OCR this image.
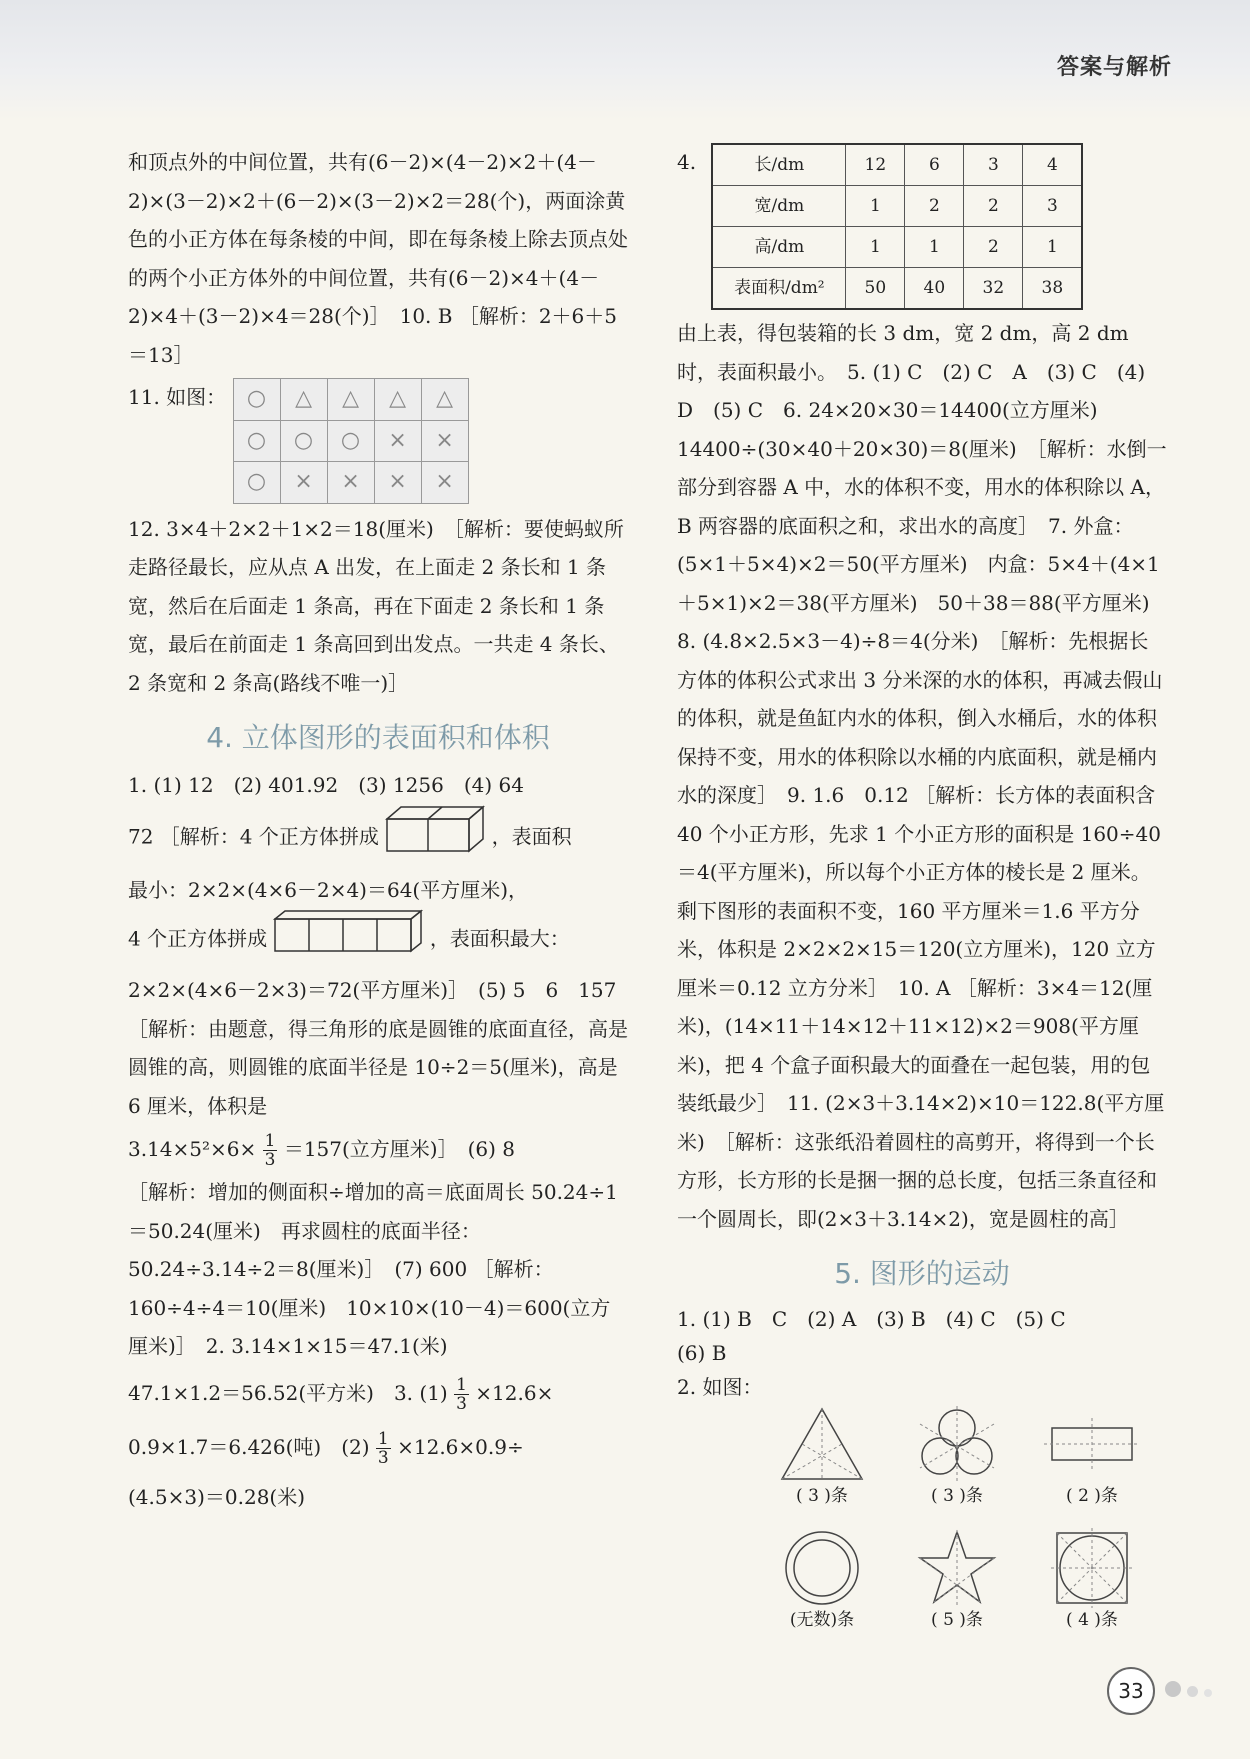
答案与解析

和顶点外的中间位置，共有(6－2)×(4－2)×2＋(4－2)×(3－2)×2＋(6－2)×(3－2)×2＝28(个)，两面涂黄色的小正方体在每条棱的中间，即在每条棱上除去顶点处的两个小正方体外的中间位置，共有(6－2)×4＋(4－2)×4＋(3－2)×4＝28(个)］　10. B ［解析：2＋6＋5＝13］

11. 如图： ○	△	△	△	△
○	○	○	×	×
○	×	×	×	×

12. 3×4＋2×2＋1×2＝18(厘米)　［解析：要使蚂蚁所走路径最长，应从点 A 出发，在上面走 2 条长和 1 条宽，然后在后面走 1 条高，再在下面走 2 条长和 1 条宽，最后在前面走 1 条高回到出发点。一共走 4 条长、2 条宽和 2 条高(路线不唯一)］

4. 立体图形的表面积和体积

1. (1) 12　(2) 401.92　(3) 1256　(4) 64

72 ［解析：4 个正方体拼成	，表面积

最小：2×2×(4×6－2×4)＝64(平方厘米)，

4 个正方体拼成	，表面积最大：

2×2×(4×6－2×3)＝72(平方厘米)］　(5) 5　6　157　［解析：由题意，得三角形的底是圆锥的底面直径，高是圆锥的高，则圆锥的底面半径是 10÷2＝5(厘米)，高是 6 厘米，体积是

$3.14\times 5^2\times 6\times \frac{1}{3} =157$(立方厘米)］　(6) 8

［解析：增加的侧面积÷增加的高＝底面周长 50.24÷1＝50.24(厘米)　再求圆柱的底面半径：50.24÷3.14÷2＝8(厘米)］　(7) 600 ［解析：160÷4÷4＝10(厘米)　10×10×(10－4)＝600(立方厘米)］　2. 3.14×1×15＝47.1(米)

47.1×1.2＝56.52(平方米)　3. $(1) \frac{1}{3} \times 12.6\times$

0.9×1.7＝6.426(吨)　$(2) \frac{1}{3} \times 12.6\times 0.9\div$

(4.5×3)＝0.28(米)

4.	长/dm	12	6	3	4
宽/dm	1	2	2	3
高/dm	1	1	2	1
表面积/dm²	50	40	32	38

由上表，得包装箱的长 3 dm，宽 2 dm，高 2 dm 时，表面积最小。　5. (1) C　(2) C　A　(3) C　(4) D　(5) C　6. 24×20×30＝14400(立方厘米)　14400÷(30×40＋20×30)＝8(厘米)　［解析：水倒一部分到容器 A 中，水的体积不变，用水的体积除以 A，B 两容器的底面积之和，求出水的高度］　7. 外盒：(5×1＋5×4)×2＝50(平方厘米)　内盒：5×4＋(4×1＋5×1)×2＝38(平方厘米)　50＋38＝88(平方厘米)　8. (4.8×2.5×3－4)÷8＝4(分米)　［解析：先根据长方体的体积公式求出 3 分米深的水的体积，再减去假山的体积，就是鱼缸内水的体积，倒入水桶后，水的体积保持不变，用水的体积除以水桶的内底面积，就是桶内水的深度］　9. 1.6　0.12 ［解析：长方体的表面积含 40 个小正方形，先求 1 个小正方形的面积是 160÷40＝4(平方厘米)，所以每个小正方体的棱长是 2 厘米。剩下图形的表面积不变，160 平方厘米＝1.6 平方分米，体积是 2×2×2×15＝120(立方厘米)，120 立方厘米＝0.12 立方分米］　10. A ［解析：3×4＝12(厘米)，(14×11＋14×12＋11×12)×2＝908(平方厘米)，把 4 个盒子面积最大的面叠在一起包装，用的包装纸最少］　11. (2×3＋3.14×2)×10＝122.8(平方厘米)　［解析：这张纸沿着圆柱的高剪开，将得到一个长方形，长方形的长是捆一捆的总长度，包括三条直径和一个圆周长，即(2×3＋3.14×2)，宽是圆柱的高］

5. 图形的运动

1. (1) B　C　(2) A　(3) B　(4) C　(5) C

(6) B

2. 如图：

( 3 )条	( 3 )条	( 2 )条
(无数)条	( 5 )条	( 4 )条
33
